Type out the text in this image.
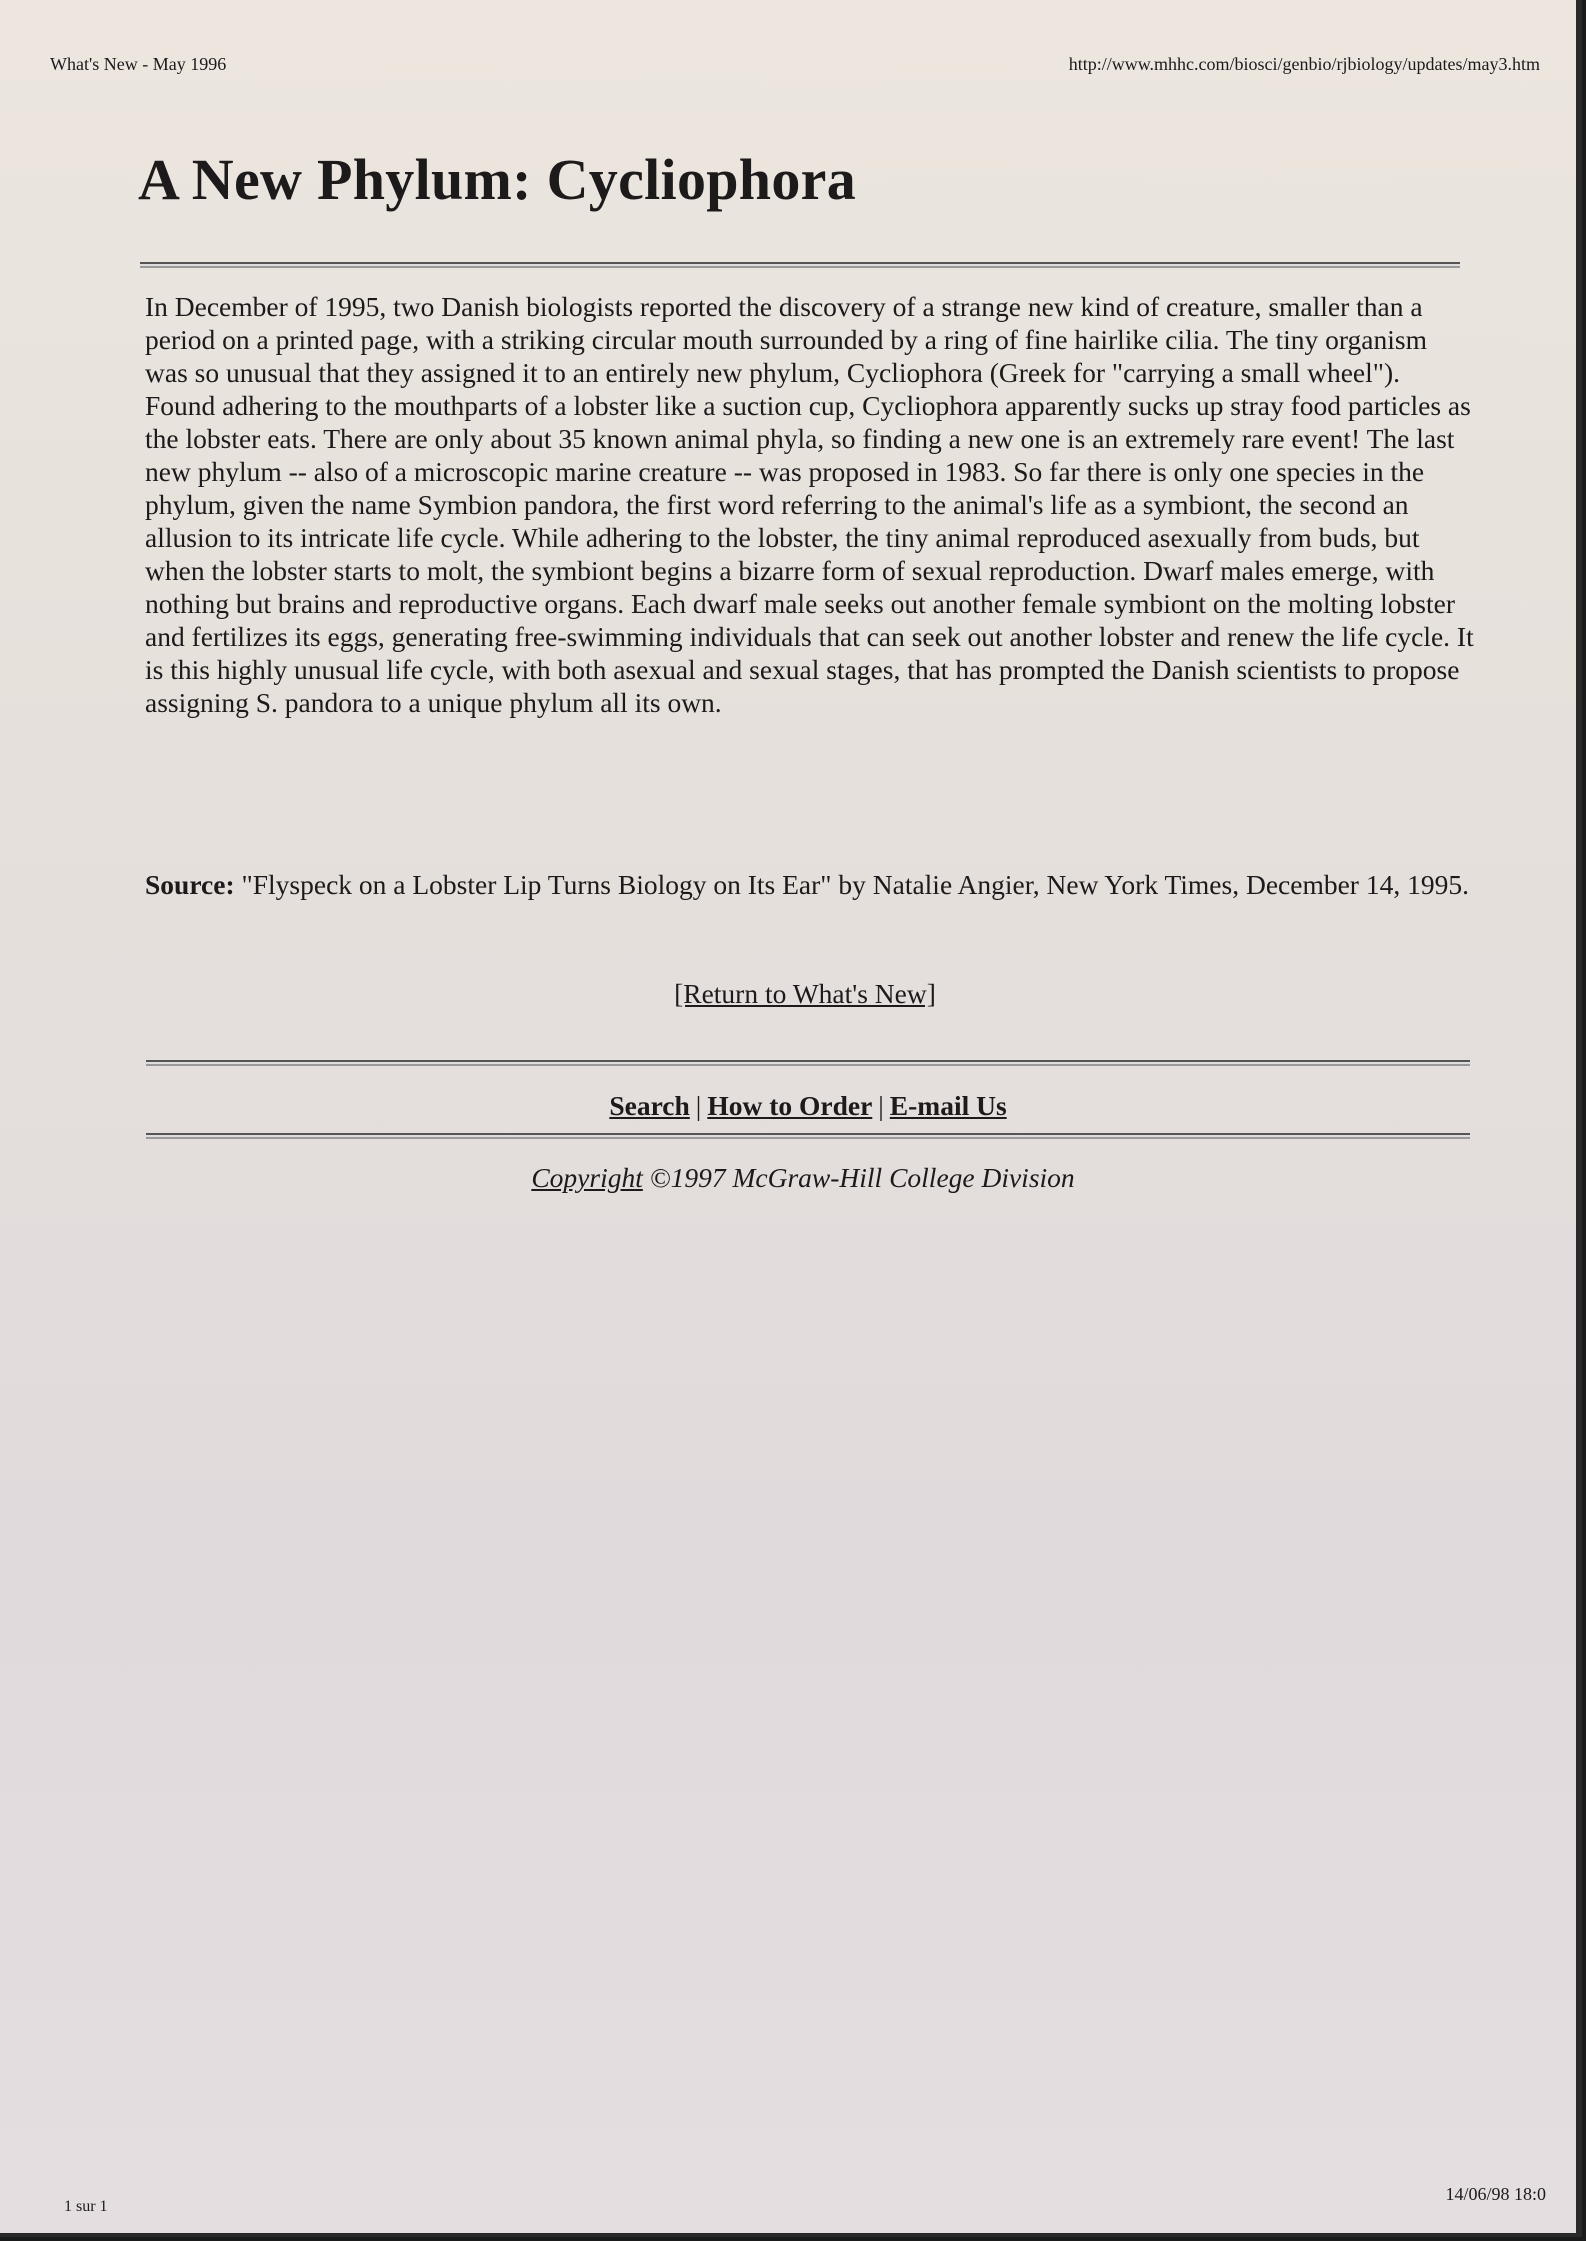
What's New - May 1996	http://www.mhhc.com/biosci/genbio/rjbiology/updates/may3.htm
A New Phylum: Cycliophora

In December of 1995, two Danish biologists reported the discovery of a strange new kind of creature, smaller than a period on a printed page, with a striking circular mouth surrounded by a ring of fine hairlike cilia. The tiny organism was so unusual that they assigned it to an entirely new phylum, Cycliophora (Greek for "carrying a small wheel"). Found adhering to the mouthparts of a lobster like a suction cup, Cycliophora apparently sucks up stray food particles as the lobster eats. There are only about 35 known animal phyla, so finding a new one is an extremely rare event! The last new phylum -- also of a microscopic marine creature -- was proposed in 1983. So far there is only one species in the phylum, given the name Symbion pandora, the first word referring to the animal's life as a symbiont, the second an allusion to its intricate life cycle. While adhering to the lobster, the tiny animal reproduced asexually from buds, but when the lobster starts to molt, the symbiont begins a bizarre form of sexual reproduction. Dwarf males emerge, with nothing but brains and reproductive organs. Each dwarf male seeks out another female symbiont on the molting lobster and fertilizes its eggs, generating free-swimming individuals that can seek out another lobster and renew the life cycle. It is this highly unusual life cycle, with both asexual and sexual stages, that has prompted the Danish scientists to propose assigning S. pandora to a unique phylum all its own.

Source: "Flyspeck on a Lobster Lip Turns Biology on Its Ear" by Natalie Angier, New York Times, December 14, 1995.

[Return to What's New]
Search | How to Order | E-mail Us
Copyright ©1997 McGraw-Hill College Division
1 sur 1
14/06/98 18:0
